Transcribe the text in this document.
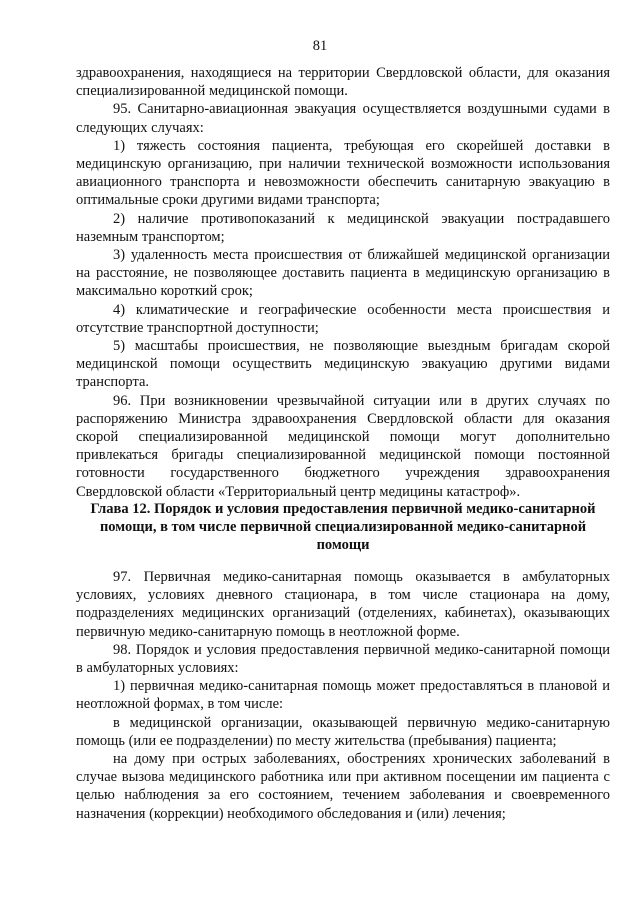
81

здравоохранения, находящиеся на территории Свердловской области, для оказания специализированной медицинской помощи.

95. Санитарно-авиационная эвакуация осуществляется воздушными судами в следующих случаях:

1) тяжесть состояния пациента, требующая его скорейшей доставки в медицинскую организацию, при наличии технической возможности использования авиационного транспорта и невозможности обеспечить санитарную эвакуацию в оптимальные сроки другими видами транспорта;

2) наличие противопоказаний к медицинской эвакуации пострадавшего наземным транспортом;

3) удаленность места происшествия от ближайшей медицинской организации на расстояние, не позволяющее доставить пациента в медицинскую организацию в максимально короткий срок;

4) климатические и географические особенности места происшествия и отсутствие транспортной доступности;

5) масштабы происшествия, не позволяющие выездным бригадам скорой медицинской помощи осуществить медицинскую эвакуацию другими видами транспорта.

96. При возникновении чрезвычайной ситуации или в других случаях по распоряжению Министра здравоохранения Свердловской области для оказания скорой специализированной медицинской помощи могут дополнительно привлекаться бригады специализированной медицинской помощи постоянной готовности государственного бюджетного учреждения здравоохранения Свердловской области «Территориальный центр медицины катастроф».

Глава 12. Порядок и условия предоставления первичной медико-санитарной
помощи, в том числе первичной специализированной медико-санитарной
помощи

97. Первичная медико-санитарная помощь оказывается в амбулаторных условиях, условиях дневного стационара, в том числе стационара на дому, подразделениях медицинских организаций (отделениях, кабинетах), оказывающих первичную медико-санитарную помощь в неотложной форме.

98. Порядок и условия предоставления первичной медико-санитарной помощи в амбулаторных условиях:

1) первичная медико-санитарная помощь может предоставляться в плановой и неотложной формах, в том числе:

в медицинской организации, оказывающей первичную медико-санитарную помощь (или ее подразделении) по месту жительства (пребывания) пациента;

на дому при острых заболеваниях, обострениях хронических заболеваний в случае вызова медицинского работника или при активном посещении им пациента с целью наблюдения за его состоянием, течением заболевания и своевременного назначения (коррекции) необходимого обследования и (или) лечения;
